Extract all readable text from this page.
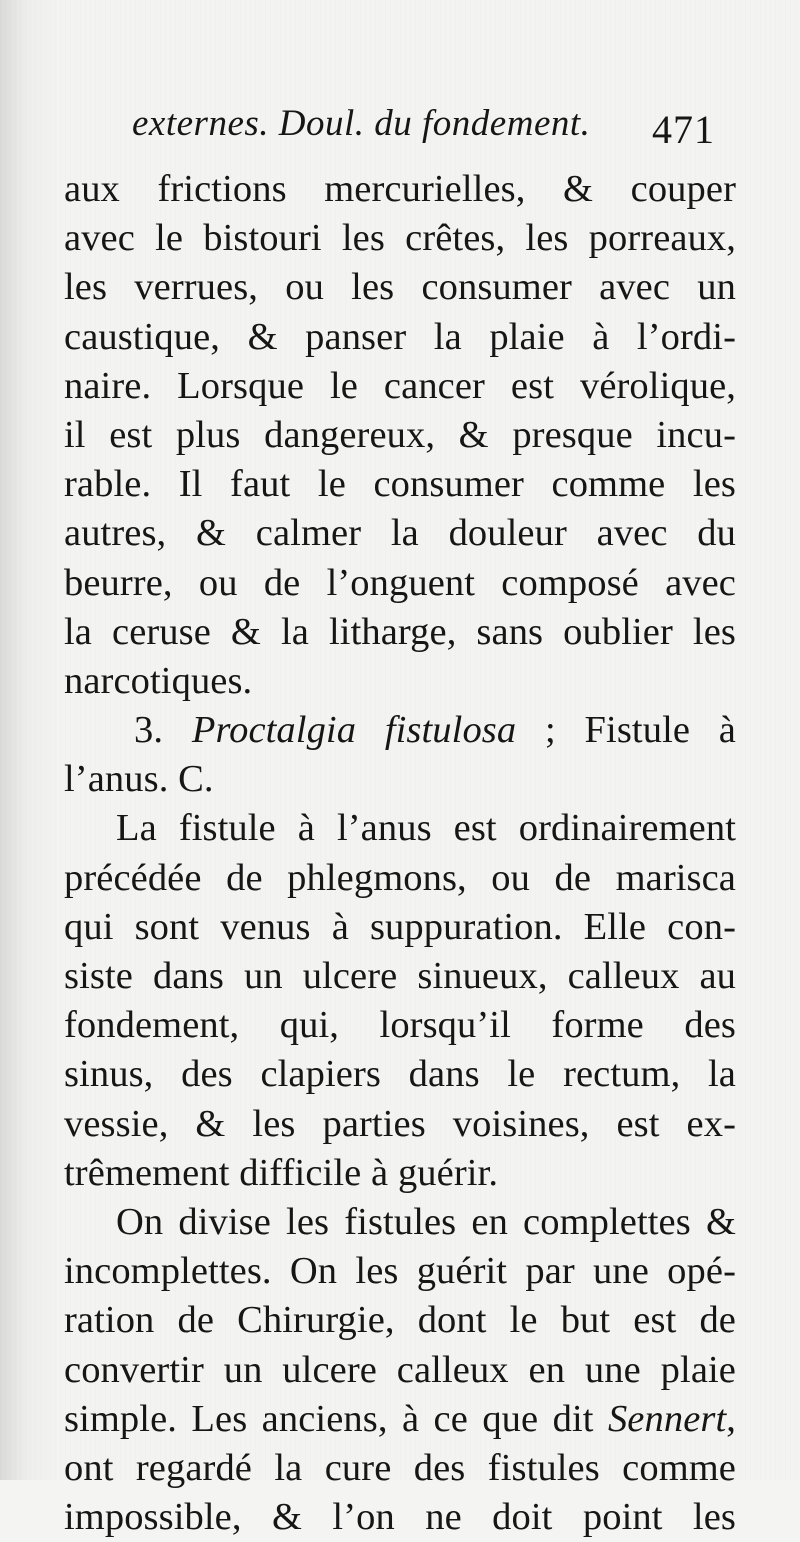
externes. Doul. du fondement.	471
aux frictions mercurielles, & couper
avec le bistouri les crêtes, les porreaux,
les verrues, ou les consumer avec un
caustique, & panser la plaie à l’ordi-
naire. Lorsque le cancer est vérolique,
il est plus dangereux, & presque incu-
rable. Il faut le consumer comme les
autres, & calmer la douleur avec du
beurre, ou de l’onguent composé avec
la ceruse & la litharge, sans oublier les
narcotiques.
3. Proctalgia fistulosa ; Fistule à
l’anus. C.
La fistule à l’anus est ordinairement
précédée de phlegmons, ou de marisca
qui sont venus à suppuration. Elle con-
siste dans un ulcere sinueux, calleux au
fondement, qui, lorsqu’il forme des
sinus, des clapiers dans le rectum, la
vessie, & les parties voisines, est ex-
trêmement difficile à guérir.
On divise les fistules en complettes &
incomplettes. On les guérit par une opé-
ration de Chirurgie, dont le but est de
convertir un ulcere calleux en une plaie
simple. Les anciens, à ce que dit Sennert,
ont regardé la cure des fistules comme
impossible, & l’on ne doit point les
